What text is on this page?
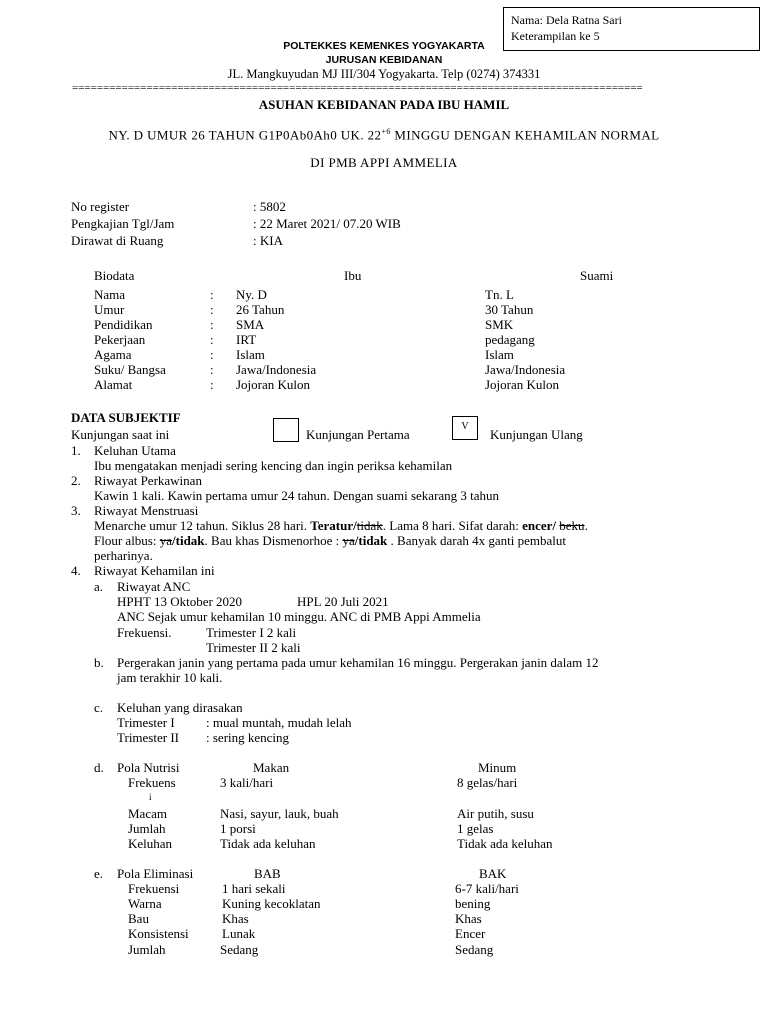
Nama: Dela Ratna Sari
Keterampilan ke 5
POLTEKKES KEMENKES YOGYAKARTA
JURUSAN KEBIDANAN
JL. Mangkuyudan MJ III/304 Yogyakarta. Telp (0274) 374331
============================================================================================
ASUHAN KEBIDANAN PADA IBU HAMIL
NY. D UMUR 26 TAHUN G1P0Ab0Ah0 UK. $22^{+6}$ MINGGU DENGAN KEHAMILAN NORMAL
DI PMB APPI AMMELIA
No register	: 5802
Pengkajian Tgl/Jam	: 22 Maret 2021/ 07.20 WIB
Dirawat di Ruang	: KIA
Biodata	Ibu	Suami
Nama	: Ny. D	Tn. L
Umur	: 26 Tahun	30 Tahun
Pendidikan	: SMA	SMK
Pekerjaan	: IRT	pedagang
Agama	: Islam	Islam
Suku/ Bangsa	: Jawa/Indonesia	Jawa/Indonesia
Alamat	: Jojoran Kulon	Jojoran Kulon
DATA SUBJEKTIF
Kunjungan saat ini	Kunjungan Pertama
V
Kunjungan Ulang
1. Keluhan Utama
Ibu mengatakan menjadi sering kencing dan ingin periksa kehamilan
2. Riwayat Perkawinan
Kawin 1 kali. Kawin pertama umur 24 tahun. Dengan suami sekarang 3 tahun
3. Riwayat Menstruasi
Menarche umur 12 tahun. Siklus 28 hari. Teratur/tidak. Lama 8 hari. Sifat darah: encer/ beku.
Flour albus: ya/tidak. Bau khas Dismenorhoe : ya/tidak . Banyak darah 4x ganti pembalut
perharinya.
4. Riwayat Kehamilan ini
a. Riwayat ANC
HPHT 13 Oktober 2020	HPL 20 Juli 2021
ANC Sejak umur kehamilan 10 minggu. ANC di PMB Appi Ammelia
Frekuensi.	Trimester I 2 kali
Trimester II 2 kali
b. Pergerakan janin yang pertama pada umur kehamilan 16 minggu. Pergerakan janin dalam 12
jam terakhir 10 kali.
c. Keluhan yang dirasakan
Trimester I : mual muntah, mudah lelah
Trimester II : sering kencing
d. Pola Nutrisi	Makan	Minum
Frekuens	3 kali/hari	8 gelas/hari
i
Macam	Nasi, sayur, lauk, buah	Air putih, susu
Jumlah	1 porsi	1 gelas
Keluhan	Tidak ada keluhan	Tidak ada keluhan
e. Pola Eliminasi	BAB	BAK
Frekuensi	1 hari sekali	6-7 kali/hari
Warna	Kuning kecoklatan	bening
Bau	Khas	Khas
Konsistensi	Lunak	Encer
Jumlah	Sedang	Sedang
